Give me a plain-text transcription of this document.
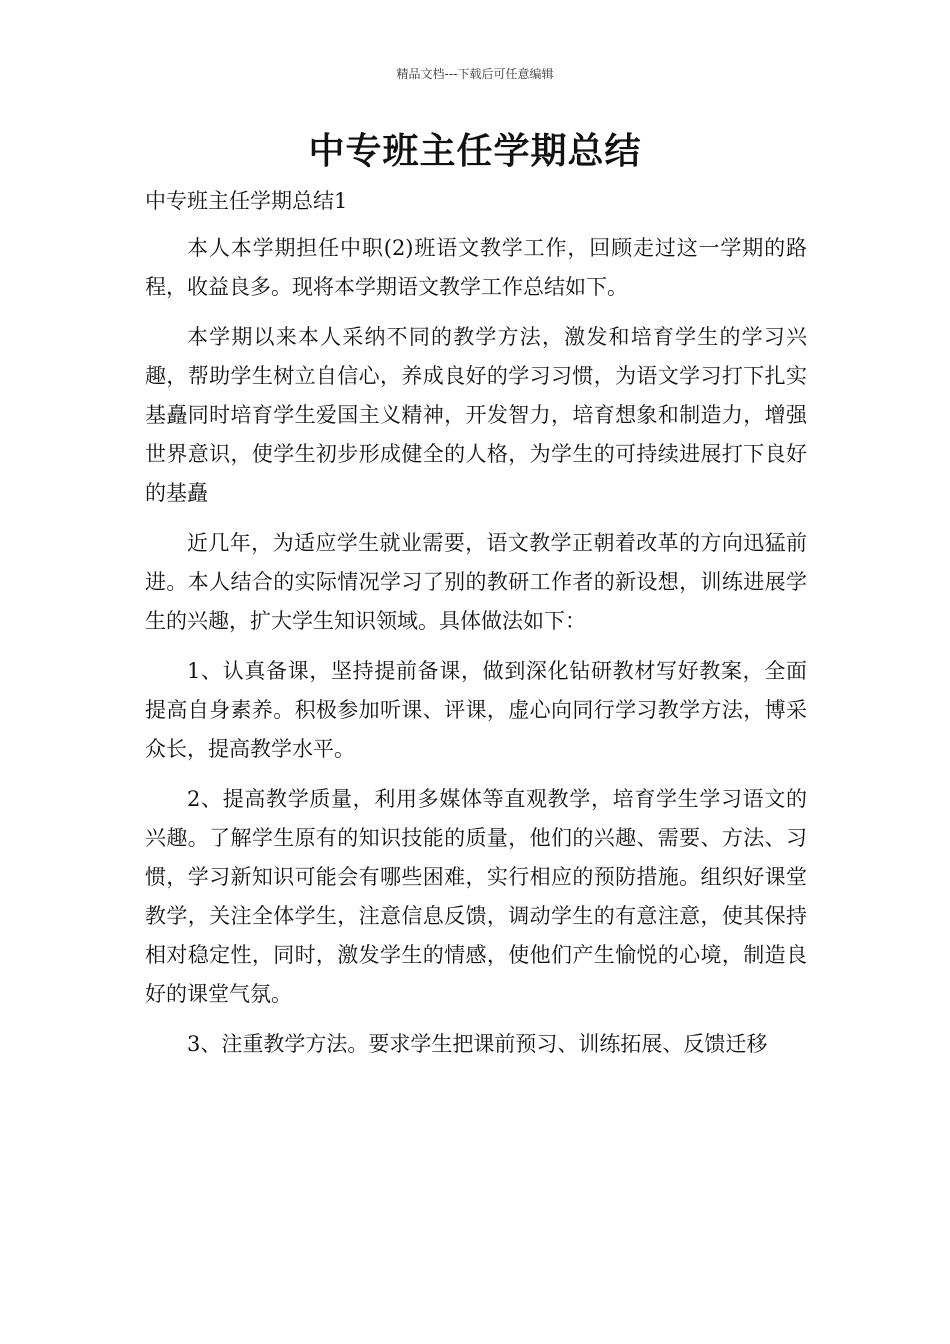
精品文档---下载后可任意编辑
中专班主任学期总结

中专班主任学期总结1

本人本学期担任中职(2)班语文教学工作，回顾走过这一学期的路程，收益良多。现将本学期语文教学工作总结如下。

本学期以来本人采纳不同的教学方法，激发和培育学生的学习兴趣，帮助学生树立自信心，养成良好的学习习惯，为语文学习打下扎实基矗同时培育学生爱国主义精神，开发智力，培育想象和制造力，增强世界意识，使学生初步形成健全的人格，为学生的可持续进展打下良好的基矗

近几年，为适应学生就业需要，语文教学正朝着改革的方向迅猛前进。本人结合的实际情况学习了别的教研工作者的新设想，训练进展学生的兴趣，扩大学生知识领域。具体做法如下：

1、认真备课，坚持提前备课，做到深化钻研教材写好教案，全面提高自身素养。积极参加听课、评课，虚心向同行学习教学方法，博采众长，提高教学水平。

2、提高教学质量，利用多媒体等直观教学，培育学生学习语文的兴趣。了解学生原有的知识技能的质量，他们的兴趣、需要、方法、习惯，学习新知识可能会有哪些困难，实行相应的预防措施。组织好课堂教学，关注全体学生，注意信息反馈，调动学生的有意注意，使其保持相对稳定性，同时，激发学生的情感，使他们产生愉悦的心境，制造良好的课堂气氛。

3、注重教学方法。要求学生把课前预习、训练拓展、反馈迁移
